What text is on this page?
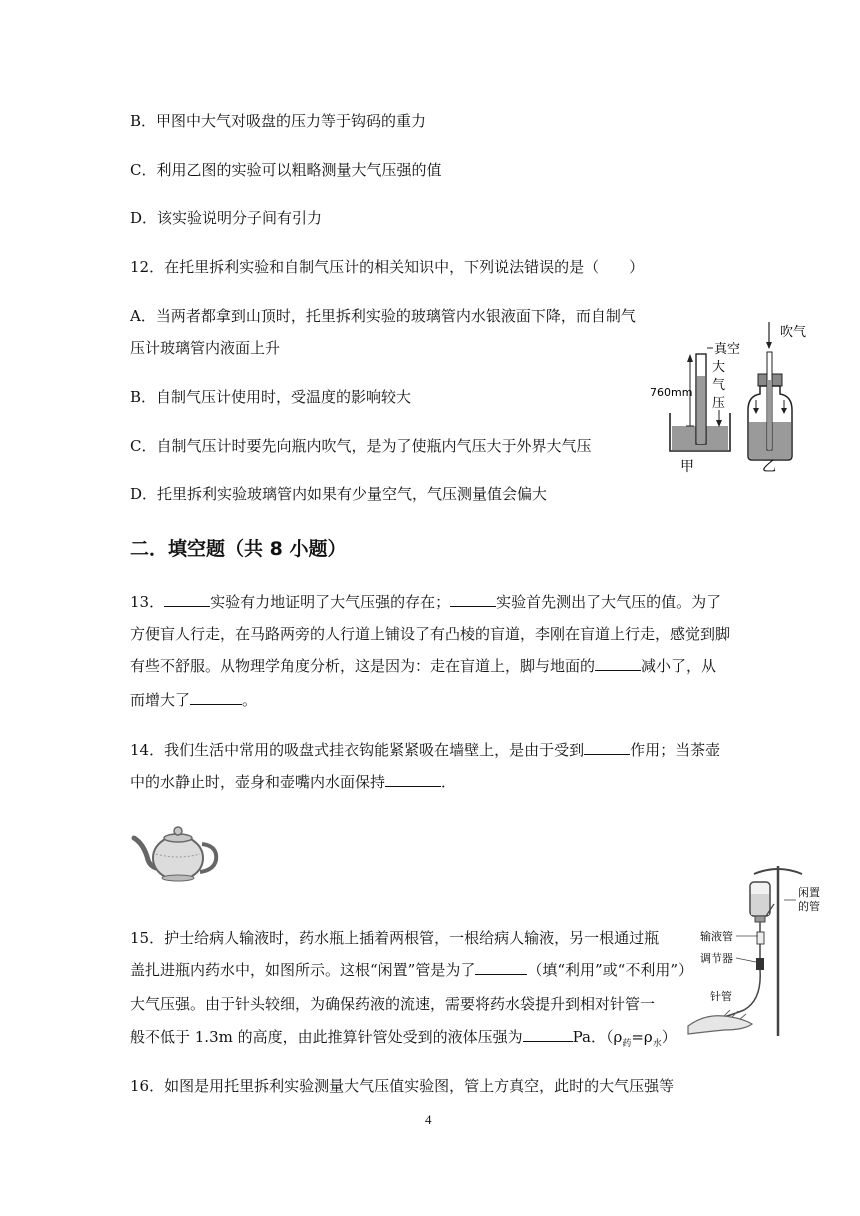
B．甲图中大气对吸盘的压力等于钩码的重力
C．利用乙图的实验可以粗略测量大气压强的值
D．该实验说明分子间有引力
12．在托里拆利实验和自制气压计的相关知识中，下列说法错误的是（　　）
A．当两者都拿到山顶时，托里拆利实验的玻璃管内水银液面下降，而自制气
压计玻璃管内液面上升
B．自制气压计使用时，受温度的影响较大
C．自制气压计时要先向瓶内吹气，是为了使瓶内气压大于外界大气压
D．托里拆利实验玻璃管内如果有少量空气，气压测量值会偏大
760mm
真空
大
气
压
甲
吹气
乙
二．填空题（共 8 小题）
13．	实验有力地证明了大气压强的存在；	实验首先测出了大气压的值。为了
方便盲人行走，在马路两旁的人行道上铺设了有凸棱的盲道，李刚在盲道上行走，感觉到脚
有些不舒服。从物理学角度分析，这是因为：走在盲道上，脚与地面的	减小了，从
而增大了	。
14．我们生活中常用的吸盘式挂衣钩能紧紧吸在墙壁上，是由于受到	作用；当茶壶
中的水静止时，壶身和壶嘴内水面保持	．
15．护士给病人输液时，药水瓶上插着两根管，一根给病人输液，另一根通过瓶
盖扎进瓶内药水中，如图所示。这根“闲置”管是为了	（填“利用”或“不利用”）
大气压强。由于针头较细，为确保药液的流速，需要将药水袋提升到相对针管一
般不低于 1.3m 的高度，由此推算针管处受到的液体压强为	Pa．$(\rho_药=\rho_水)$
闲置
的管
输液管
调节器
针管
16．如图是用托里拆利实验测量大气压值实验图，管上方真空，此时的大气压强等
4
